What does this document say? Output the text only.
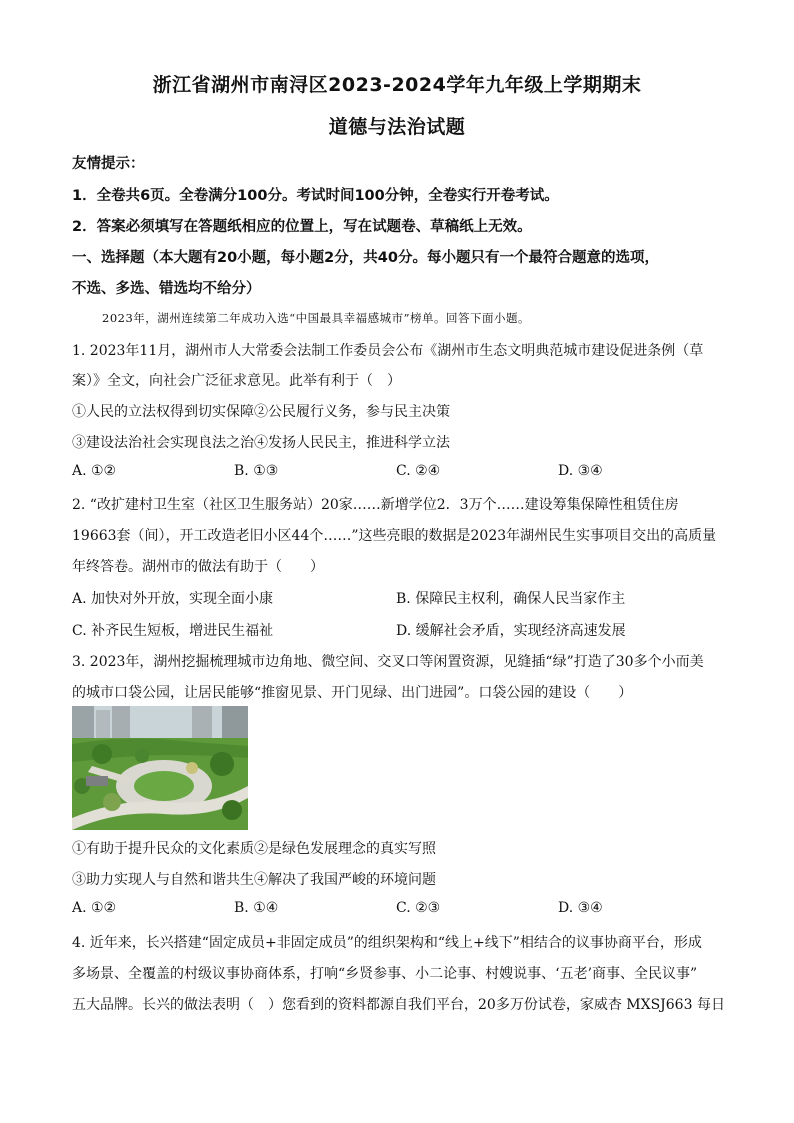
浙江省湖州市南浔区2023-2024学年九年级上学期期末
道德与法治试题
友情提示：
1．全卷共6页。全卷满分100分。考试时间100分钟，全卷实行开卷考试。
2．答案必须填写在答题纸相应的位置上，写在试题卷、草稿纸上无效。
一、选择题（本大题有20小题，每小题2分，共40分。每小题只有一个最符合题意的选项，
不选、多选、错选均不给分）
2023年，湖州连续第二年成功入选“中国最具幸福感城市”榜单。回答下面小题。
1. 2023年11月，湖州市人大常委会法制工作委员会公布《湖州市生态文明典范城市建设促进条例（草
案）》全文，向社会广泛征求意见。此举有利于（　）
①人民的立法权得到切实保障②公民履行义务，参与民主决策
③建设法治社会实现良法之治④发扬人民民主，推进科学立法
A. ①②	B. ①③	C. ②④	D. ③④
2. “改扩建村卫生室（社区卫生服务站）20家……新增学位2．3万个……建设筹集保障性租赁住房
19663套（间），开工改造老旧小区44个……”这些亮眼的数据是2023年湖州民生实事项目交出的高质量
年终答卷。湖州市的做法有助于（　　）
A. 加快对外开放，实现全面小康	B. 保障民主权利，确保人民当家作主
C. 补齐民生短板，增进民生福祉	D. 缓解社会矛盾，实现经济高速发展
3. 2023年，湖州挖掘梳理城市边角地、微空间、交叉口等闲置资源，见缝插“绿”打造了30多个小而美
的城市口袋公园，让居民能够“推窗见景、开门见绿、出门进园”。口袋公园的建设（　　）
①有助于提升民众的文化素质②是绿色发展理念的真实写照
③助力实现人与自然和谐共生④解决了我国严峻的环境问题
A. ①②	B. ①④	C. ②③	D. ③④
4. 近年来，长兴搭建“固定成员+非固定成员”的组织架构和“线上+线下”相结合的议事协商平台，形成
多场景、全覆盖的村级议事协商体系，打响“乡贤参事、小二论事、村嫂说事、‘五老’商事、全民议事”
五大品牌。长兴的做法表明（　）您看到的资料都源自我们平台，20多万份试卷，家威杏 MXSJ663 每日
